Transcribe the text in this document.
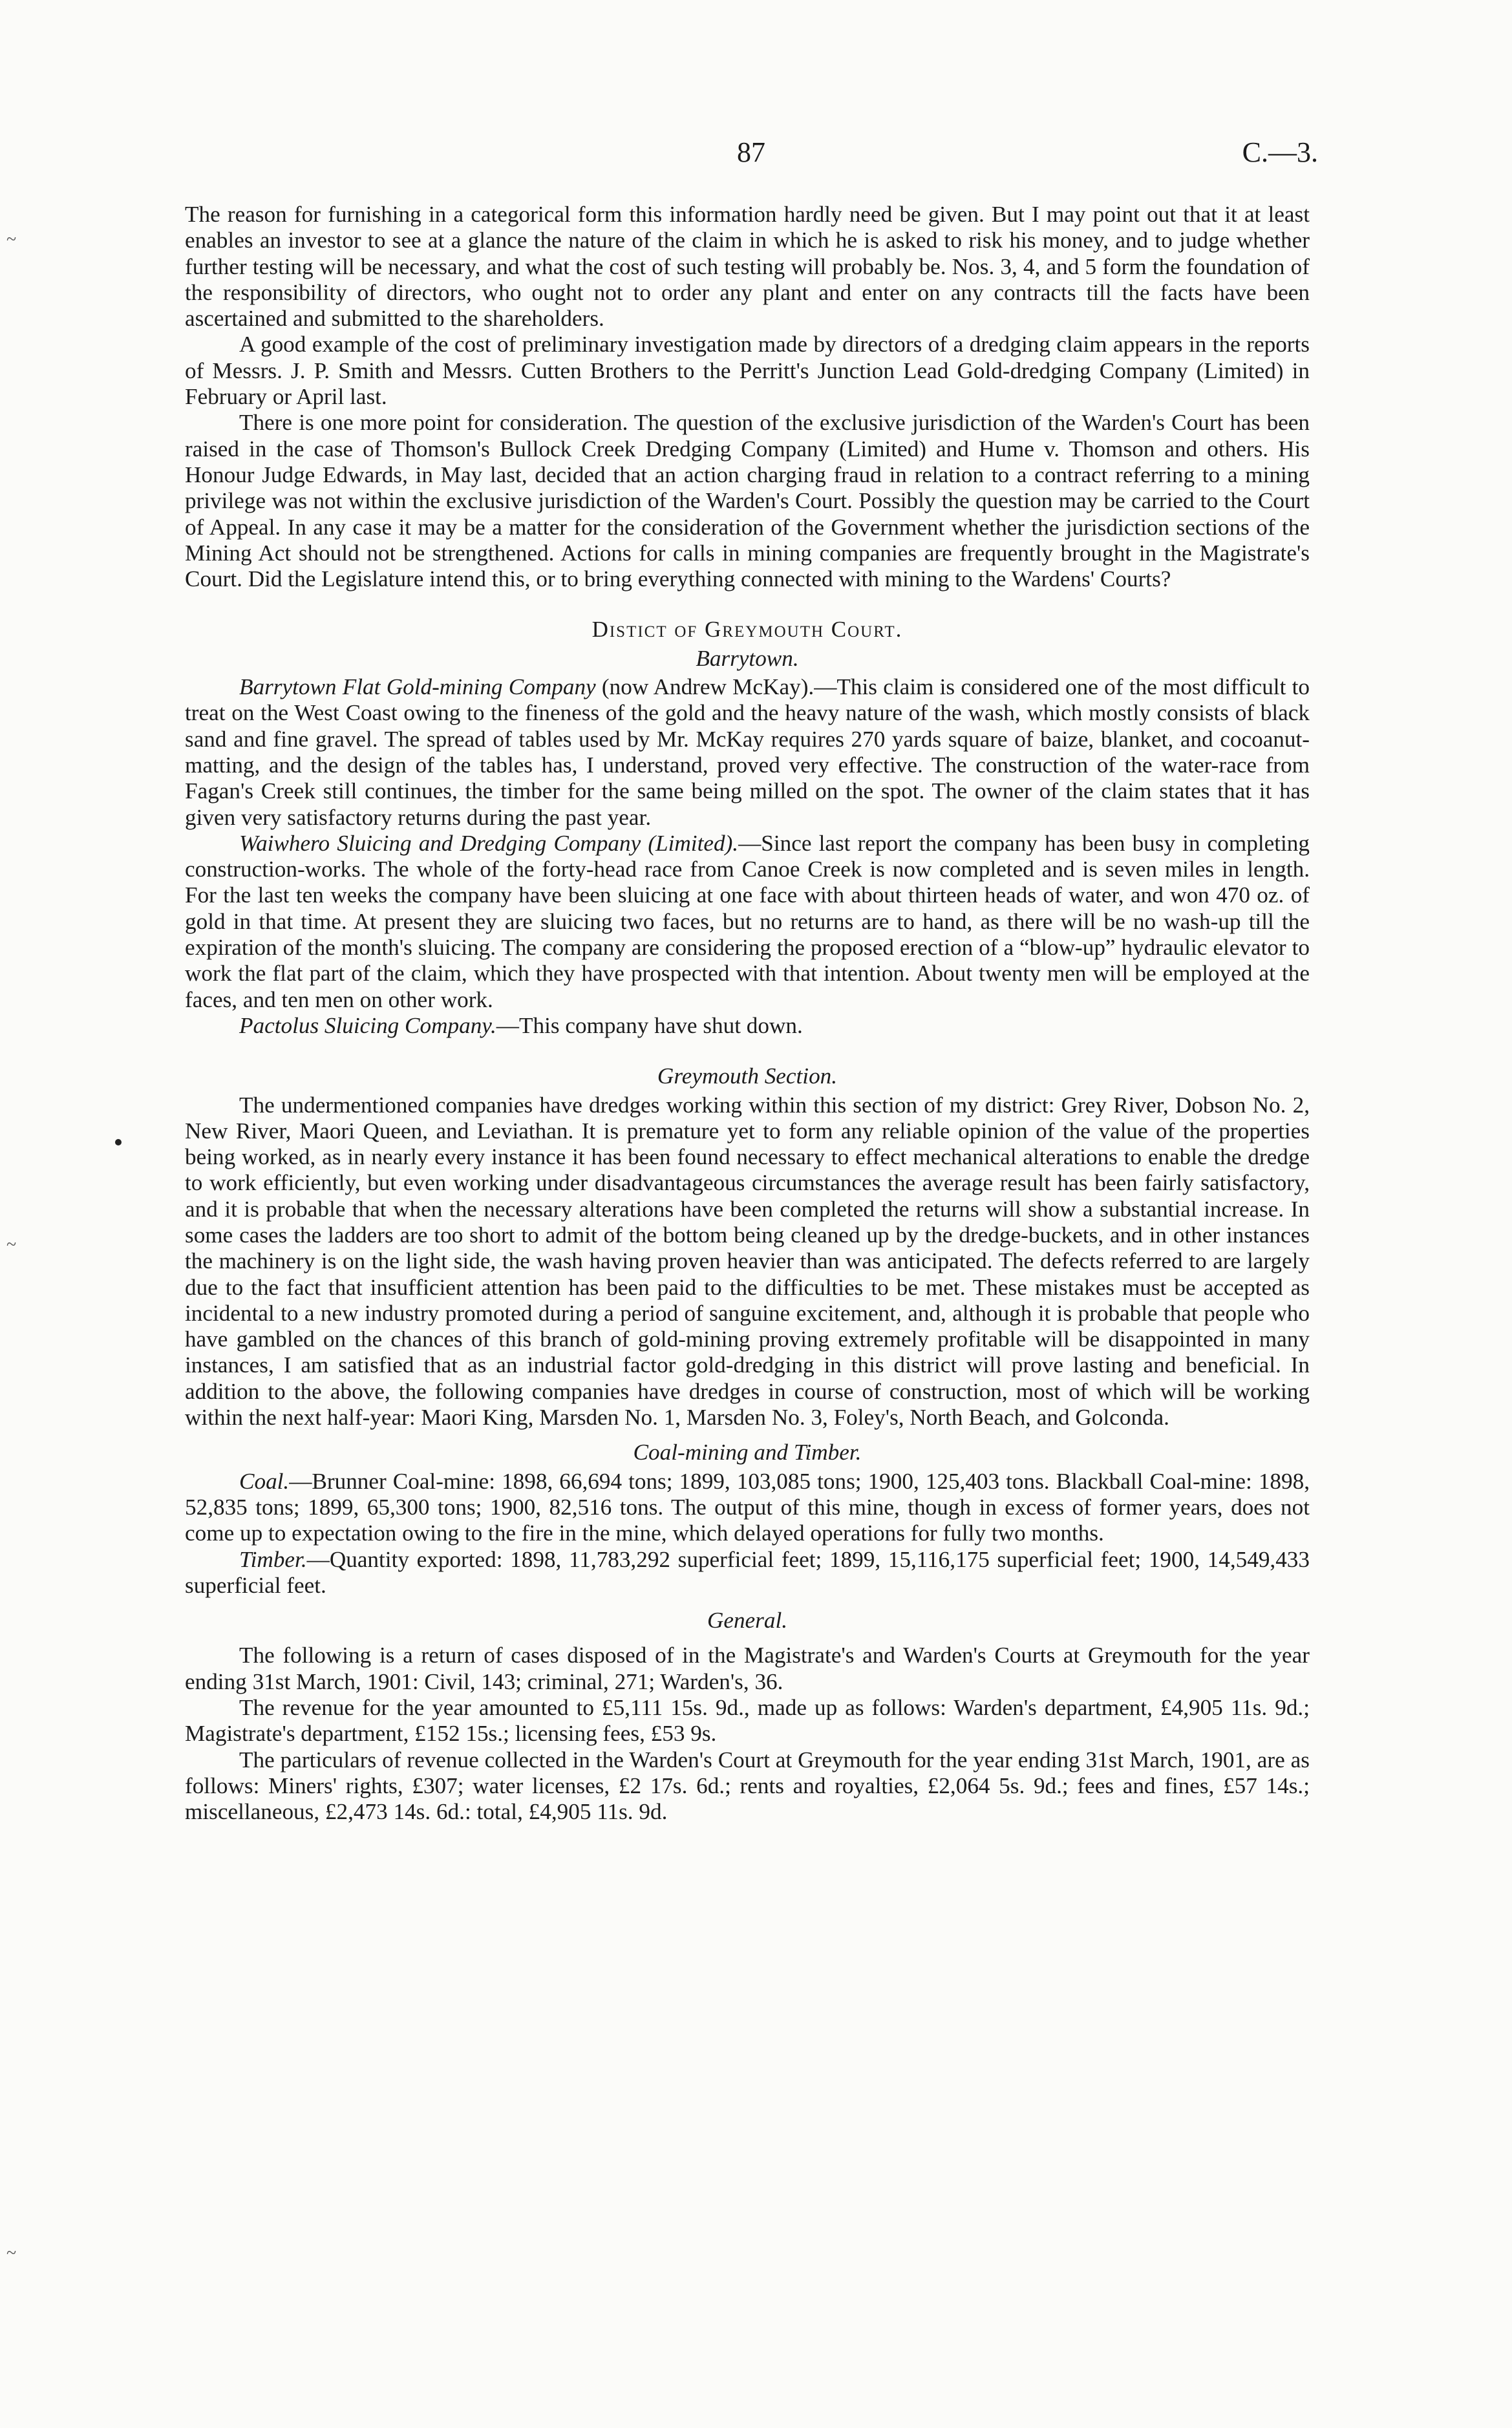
87	C.—3.
~
~
~

The reason for furnishing in a categorical form this information hardly need be given. But I may point out that it at least enables an investor to see at a glance the nature of the claim in which he is asked to risk his money, and to judge whether further testing will be necessary, and what the cost of such testing will probably be. Nos. 3, 4, and 5 form the foundation of the responsibility of directors, who ought not to order any plant and enter on any contracts till the facts have been ascertained and submitted to the shareholders.

A good example of the cost of preliminary investigation made by directors of a dredging claim appears in the reports of Messrs. J. P. Smith and Messrs. Cutten Brothers to the Perritt's Junction Lead Gold-dredging Company (Limited) in February or April last.

There is one more point for consideration. The question of the exclusive jurisdiction of the Warden's Court has been raised in the case of Thomson's Bullock Creek Dredging Company (Limited) and Hume v. Thomson and others. His Honour Judge Edwards, in May last, decided that an action charging fraud in relation to a contract referring to a mining privilege was not within the exclusive jurisdiction of the Warden's Court. Possibly the question may be carried to the Court of Appeal. In any case it may be a matter for the consideration of the Government whether the jurisdiction sections of the Mining Act should not be strengthened. Actions for calls in mining companies are frequently brought in the Magistrate's Court. Did the Legislature intend this, or to bring everything connected with mining to the Wardens' Courts?

Distict of Greymouth Court.
Barrytown.

Barrytown Flat Gold-mining Company (now Andrew McKay).—This claim is considered one of the most difficult to treat on the West Coast owing to the fineness of the gold and the heavy nature of the wash, which mostly consists of black sand and fine gravel. The spread of tables used by Mr. McKay requires 270 yards square of baize, blanket, and cocoanut-matting, and the design of the tables has, I understand, proved very effective. The construction of the water-race from Fagan's Creek still continues, the timber for the same being milled on the spot. The owner of the claim states that it has given very satisfactory returns during the past year.

Waiwhero Sluicing and Dredging Company (Limited).—Since last report the company has been busy in completing construction-works. The whole of the forty-head race from Canoe Creek is now completed and is seven miles in length. For the last ten weeks the company have been sluicing at one face with about thirteen heads of water, and won 470 oz. of gold in that time. At present they are sluicing two faces, but no returns are to hand, as there will be no wash-up till the expiration of the month's sluicing. The company are considering the proposed erection of a “blow-up” hydraulic elevator to work the flat part of the claim, which they have prospected with that intention. About twenty men will be employed at the faces, and ten men on other work.

Pactolus Sluicing Company.—This company have shut down.

Greymouth Section.

The undermentioned companies have dredges working within this section of my district: Grey River, Dobson No. 2, New River, Maori Queen, and Leviathan. It is premature yet to form any reliable opinion of the value of the properties being worked, as in nearly every instance it has been found necessary to effect mechanical alterations to enable the dredge to work efficiently, but even working under disadvantageous circumstances the average result has been fairly satisfactory, and it is probable that when the necessary alterations have been completed the returns will show a substantial increase. In some cases the ladders are too short to admit of the bottom being cleaned up by the dredge-buckets, and in other instances the machinery is on the light side, the wash having proven heavier than was anticipated. The defects referred to are largely due to the fact that insufficient attention has been paid to the difficulties to be met. These mistakes must be accepted as incidental to a new industry promoted during a period of sanguine excitement, and, although it is probable that people who have gambled on the chances of this branch of gold-mining proving extremely profitable will be disappointed in many instances, I am satisfied that as an industrial factor gold-dredging in this district will prove lasting and beneficial. In addition to the above, the following companies have dredges in course of construction, most of which will be working within the next half-year: Maori King, Marsden No. 1, Marsden No. 3, Foley's, North Beach, and Golconda.

Coal-mining and Timber.

Coal.—Brunner Coal-mine: 1898, 66,694 tons; 1899, 103,085 tons; 1900, 125,403 tons. Blackball Coal-mine: 1898, 52,835 tons; 1899, 65,300 tons; 1900, 82,516 tons. The output of this mine, though in excess of former years, does not come up to expectation owing to the fire in the mine, which delayed operations for fully two months.

Timber.—Quantity exported: 1898, 11,783,292 superficial feet; 1899, 15,116,175 superficial feet; 1900, 14,549,433 superficial feet.

General.

The following is a return of cases disposed of in the Magistrate's and Warden's Courts at Greymouth for the year ending 31st March, 1901: Civil, 143; criminal, 271; Warden's, 36.

The revenue for the year amounted to £5,111 15s. 9d., made up as follows: Warden's department, £4,905 11s. 9d.; Magistrate's department, £152 15s.; licensing fees, £53 9s.

The particulars of revenue collected in the Warden's Court at Greymouth for the year ending 31st March, 1901, are as follows: Miners' rights, £307; water licenses, £2 17s. 6d.; rents and royalties, £2,064 5s. 9d.; fees and fines, £57 14s.; miscellaneous, £2,473 14s. 6d.: total, £4,905 11s. 9d.
